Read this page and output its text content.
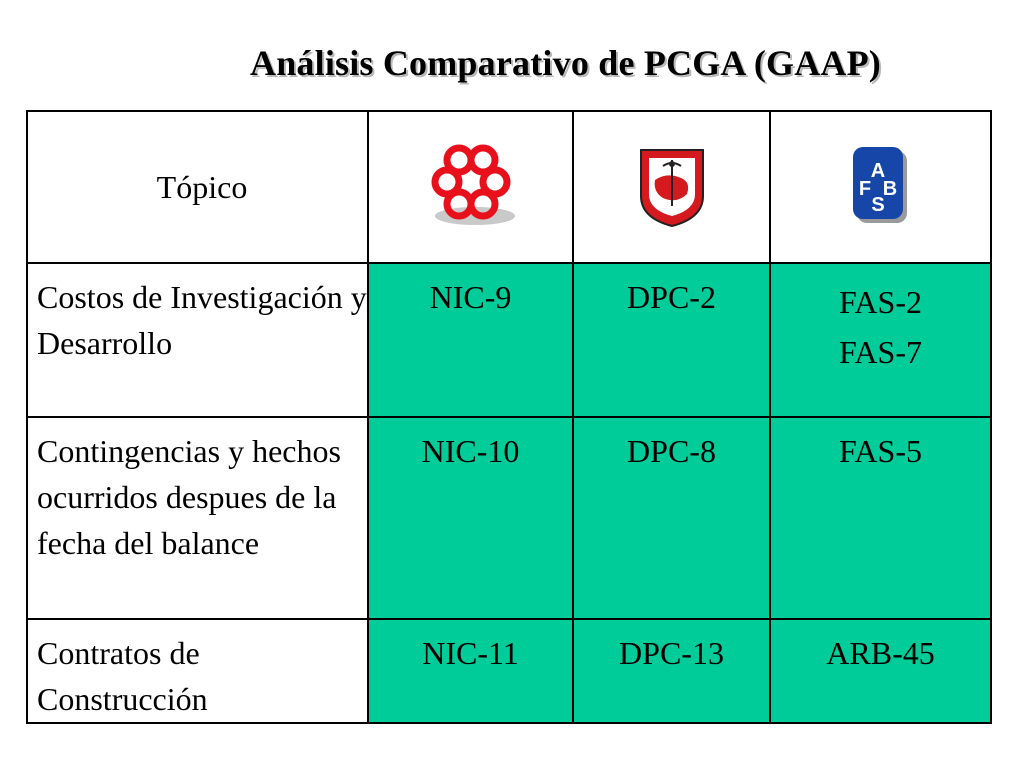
Análisis Comparativo de PCGA (GAAP)
Tópico			A
F B
S

Costos de Investigación y Desarrollo	NIC-9	DPC-2	FAS-2
FAS-7

Contingencias y hechos ocurridos despues de la fecha del balance	NIC-10	DPC-8	FAS-5
Contratos de Construcción	NIC-11	DPC-13	ARB-45
